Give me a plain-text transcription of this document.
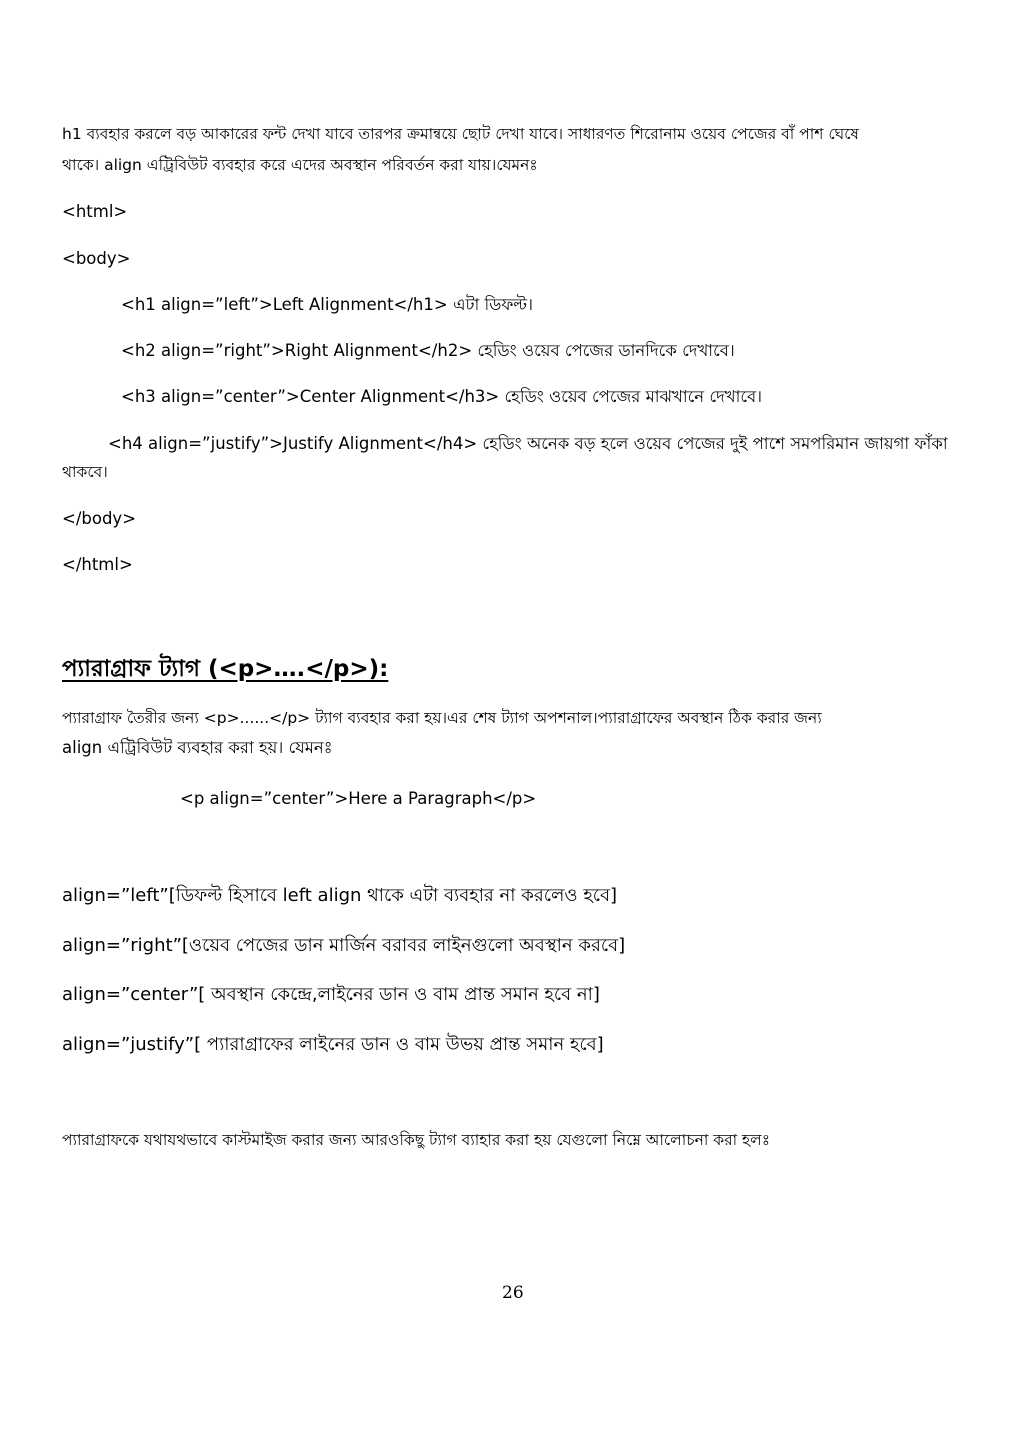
h1 ব্যবহার করলে বড় আকারের ফন্ট দেখা যাবে তারপর ক্রমান্বয়ে ছোট দেখা যাবে। সাধারণত শিরোনাম ওয়েব পেজের বাঁ পাশ ঘেষে
থাকে। align এট্রিবিউট ব্যবহার করে এদের অবস্থান পরিবর্তন করা যায়।যেমনঃ
<html>
<body>
<h1 align=”left”>Left Alignment</h1> এটা ডিফল্ট।
<h2 align=”right”>Right Alignment</h2> হেডিং ওয়েব পেজের ডানদিকে দেখাবে।
<h3 align=”center”>Center Alignment</h3> হেডিং ওয়েব পেজের মাঝখানে দেখাবে।
<h4 align=”justify”>Justify Alignment</h4> হেডিং অনেক বড় হলে ওয়েব পেজের দুই পাশে সমপরিমান জায়গা ফাঁকা
থাকবে।
</body>
</html>
প্যারাগ্রাফ ট্যাগ (<p>….</p>):
প্যারাগ্রাফ তৈরীর জন্য <p>......</p> ট্যাগ ব্যবহার করা হয়।এর শেষ ট্যাগ অপশনাল।প্যারাগ্রাফের অবস্থান ঠিক করার জন্য
align এট্রিবিউট ব্যবহার করা হয়। যেমনঃ
<p align=”center”>Here a Paragraph</p>
align=”left”[ডিফল্ট হিসাবে left align থাকে এটা ব্যবহার না করলেও হবে]
align=”right”[ওয়েব পেজের ডান মার্জিন বরাবর লাইনগুলো অবস্থান করবে]
align=”center”[ অবস্থান কেন্দ্রে,লাইনের ডান ও বাম প্রান্ত সমান হবে না]
align=”justify”[ প্যারাগ্রাফের লাইনের ডান ও বাম উভয় প্রান্ত সমান হবে]
প্যারাগ্রাফকে যথাযথভাবে কাস্টমাইজ করার জন্য আরওকিছু ট্যাগ ব্যাহার করা হয় যেগুলো নিম্নে আলোচনা করা হলঃ
26
